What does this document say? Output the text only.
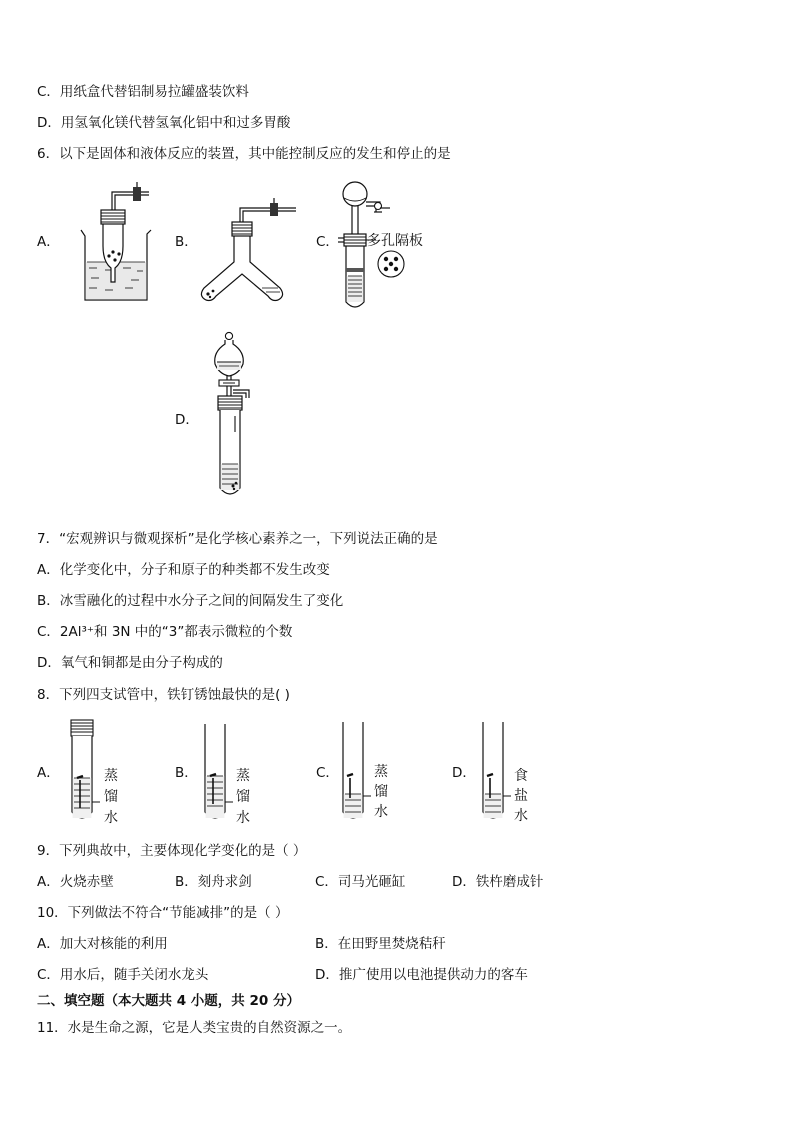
C．用纸盒代替铝制易拉罐盛装饮料
D．用氢氧化镁代替氢氧化铝中和过多胃酸
6．以下是固体和液体反应的装置，其中能控制反应的发生和停止的是
A．	B．	C． 多孔隔板
D．
7．“宏观辨识与微观探析”是化学核心素养之一，下列说法正确的是
A．化学变化中，分子和原子的种类都不发生改变
B．冰雪融化的过程中水分子之间的间隔发生了变化
C．2Al³⁺和 3N 中的“3”都表示微粒的个数
D．氧气和铜都是由分子构成的
8．下列四支试管中，铁钉锈蚀最快的是( )
A．	蒸
馏
水
B．	蒸
馏
水
C．	蒸
馏
水
D．	食
盐
水
9．下列典故中，主要体现化学变化的是（ ）
A．火烧赤壁	B．刻舟求剑	C．司马光砸缸	D．铁杵磨成针
10．下列做法不符合“节能减排”的是（ ）
A．加大对核能的利用	B．在田野里焚烧秸秆
C．用水后，随手关闭水龙头	D．推广使用以电池提供动力的客车
二、填空题（本大题共 4 小题，共 20 分）
11．水是生命之源，它是人类宝贵的自然资源之一。
